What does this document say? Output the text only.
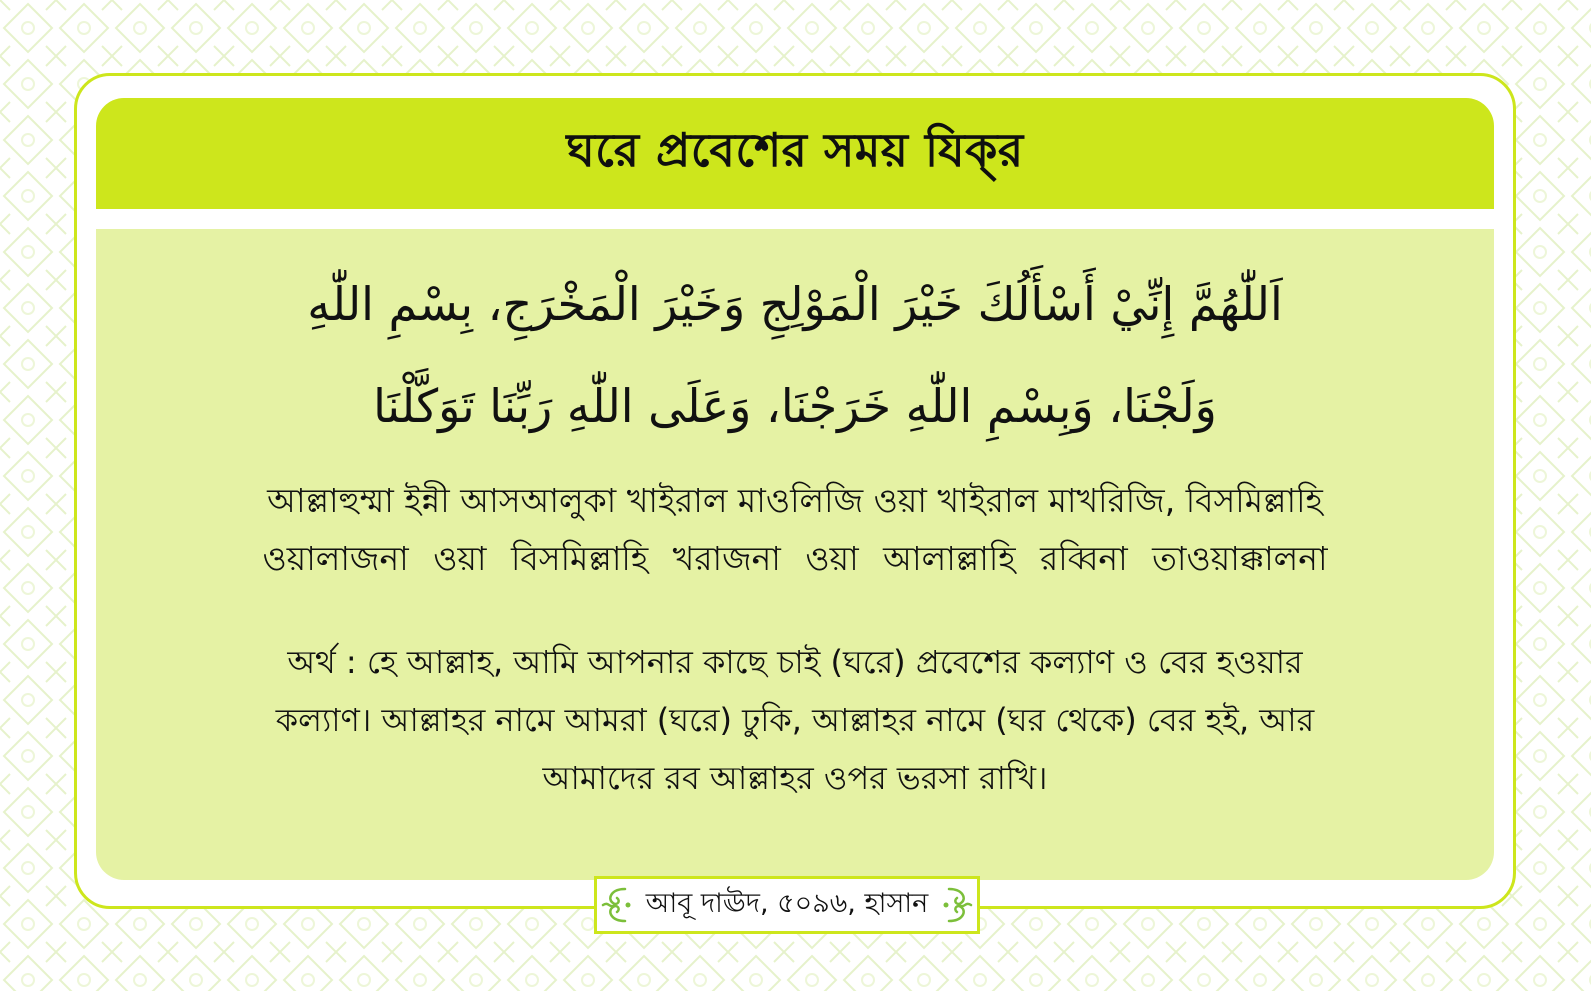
ঘরে প্রবেশের সময় যিক্‌র
اَللّٰهُمَّ إِنِّيْ أَسْأَلُكَ خَيْرَ الْمَوْلِجِ وَخَيْرَ الْمَخْرَجِ، بِسْمِ اللّٰهِ
وَلَجْنَا، وَبِسْمِ اللّٰهِ خَرَجْنَا، وَعَلَى اللّٰهِ رَبِّنَا تَوَكَّلْنَا
আল্লাহুম্মা ইন্নী আসআলুকা খাইরাল মাওলিজি ওয়া খাইরাল মাখরিজি, বিসমিল্লাহি
ওয়ালাজনা ওয়া বিসমিল্লাহি খরাজনা ওয়া আলাল্লাহি রব্বিনা তাওয়াক্কালনা
অর্থ : হে আল্লাহ, আমি আপনার কাছে চাই (ঘরে) প্রবেশের কল্যাণ ও বের হওয়ার
কল্যাণ। আল্লাহর নামে আমরা (ঘরে) ঢুকি, আল্লাহর নামে (ঘর থেকে) বের হই, আর
আমাদের রব আল্লাহর ওপর ভরসা রাখি।
আবূ দাঊদ, ৫০৯৬, হাসান
